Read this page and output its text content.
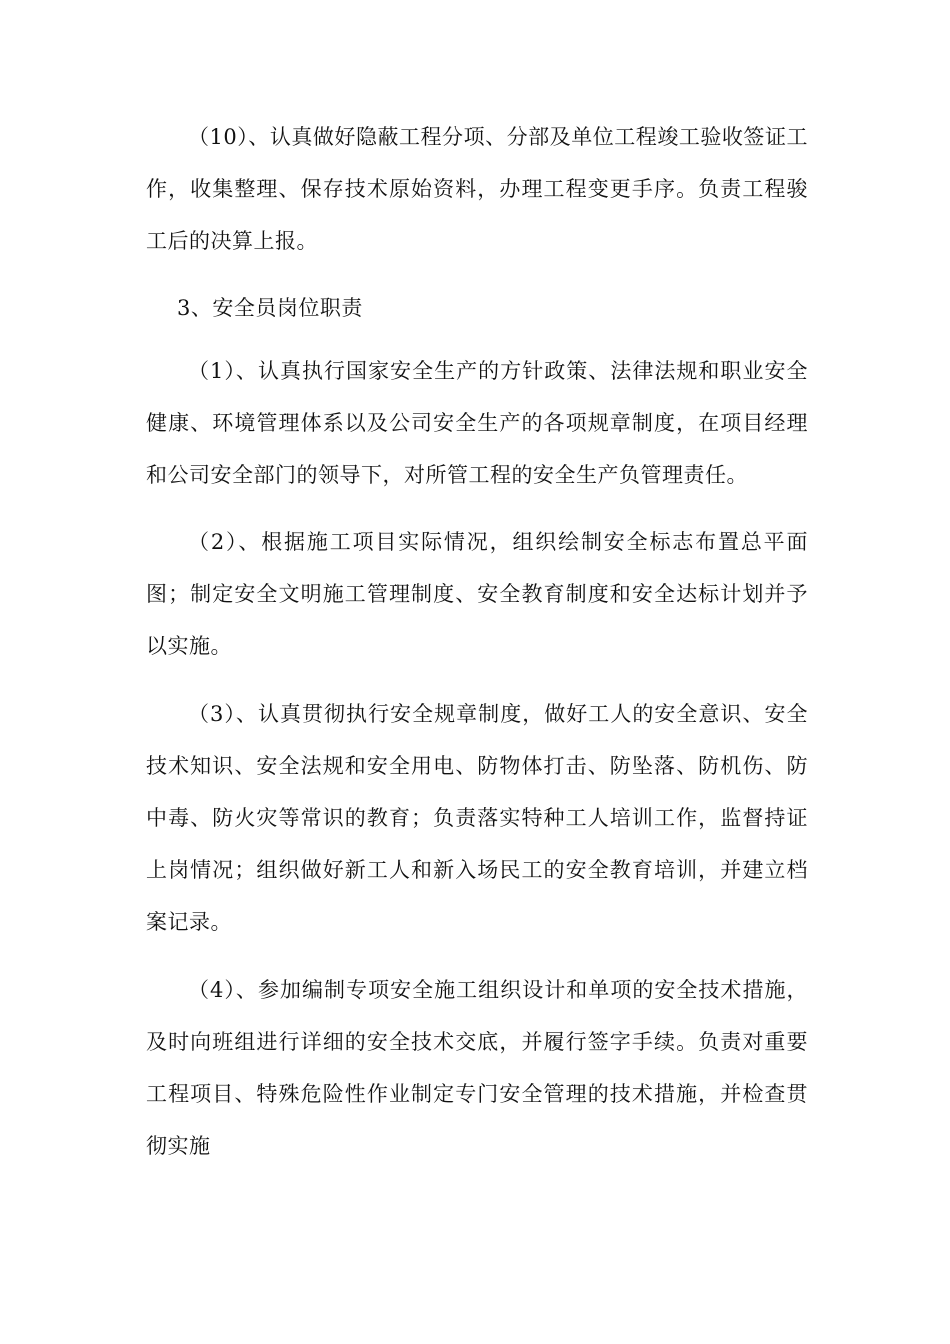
（10）、认真做好隐蔽工程分项、分部及单位工程竣工验收签证工作，收集整理、保存技术原始资料，办理工程变更手序。负责工程骏工后的决算上报。

3、安全员岗位职责

（1）、认真执行国家安全生产的方针政策、法律法规和职业安全健康、环境管理体系以及公司安全生产的各项规章制度，在项目经理和公司安全部门的领导下，对所管工程的安全生产负管理责任。

（2）、根据施工项目实际情况，组织绘制安全标志布置总平面图；制定安全文明施工管理制度、安全教育制度和安全达标计划并予以实施。

（3）、认真贯彻执行安全规章制度，做好工人的安全意识、安全技术知识、安全法规和安全用电、防物体打击、防坠落、防机伤、防中毒、防火灾等常识的教育；负责落实特种工人培训工作，监督持证上岗情况；组织做好新工人和新入场民工的安全教育培训，并建立档案记录。

（4）、参加编制专项安全施工组织设计和单项的安全技术措施，及时向班组进行详细的安全技术交底，并履行签字手续。负责对重要工程项目、特殊危险性作业制定专门安全管理的技术措施，并检查贯彻实施
